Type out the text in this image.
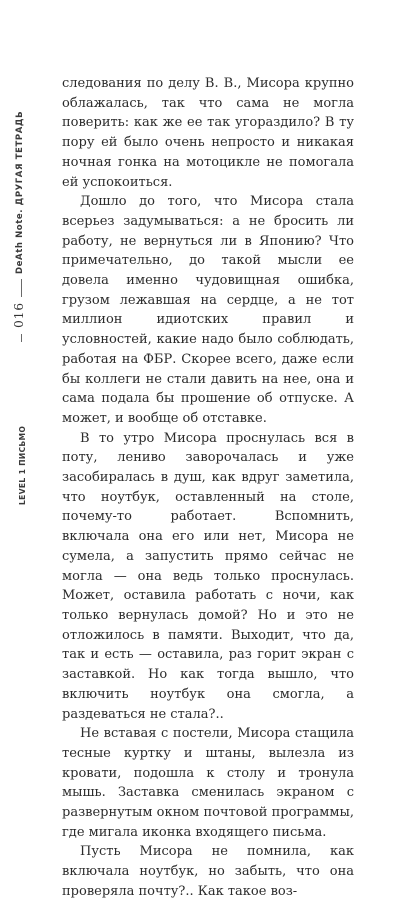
DeAth Note. ДРУГАЯ ТЕТРАДЬ
016
LEVEL 1 ПИСЬМО

следования по делу В. В., Мисора крупно облажалась, так что сама не могла поверить: как же ее так угораздило? В ту пору ей было очень непросто и никакая ночная гонка на мотоцикле не помогала ей успокоиться.

Дошло до того, что Мисора стала всерьез задумываться: а не бросить ли работу, не вернуться ли в Японию? Что примечательно, до такой мысли ее довела именно чудовищная ошибка, грузом лежавшая на сердце, а не тот миллион идиотских правил и условностей, какие надо было соблюдать, работая на ФБР. Скорее всего, даже если бы коллеги не стали давить на нее, она и сама подала бы прошение об отпуске. А может, и вообще об отставке.

В то утро Мисора проснулась вся в поту, лениво заворочалась и уже засобиралась в душ, как вдруг заметила, что ноутбук, оставленный на столе, почему-то работает. Вспомнить, включала она его или нет, Мисора не сумела, а запустить прямо сейчас не могла — она ведь только проснулась. Может, оставила работать с ночи, как только вернулась домой? Но и это не отложилось в памяти. Выходит, что да, так и есть — оставила, раз горит экран с заставкой. Но как тогда вышло, что включить ноутбук она смогла, а раздеваться не стала?..

Не вставая с постели, Мисора стащила тесные куртку и штаны, вылезла из кровати, подошла к столу и тронула мышь. Заставка сменилась экраном с развернутым окном почтовой программы, где мигала иконка входящего письма.

Пусть Мисора не помнила, как включала ноутбук, но забыть, что она проверяла почту?.. Как такое воз-
